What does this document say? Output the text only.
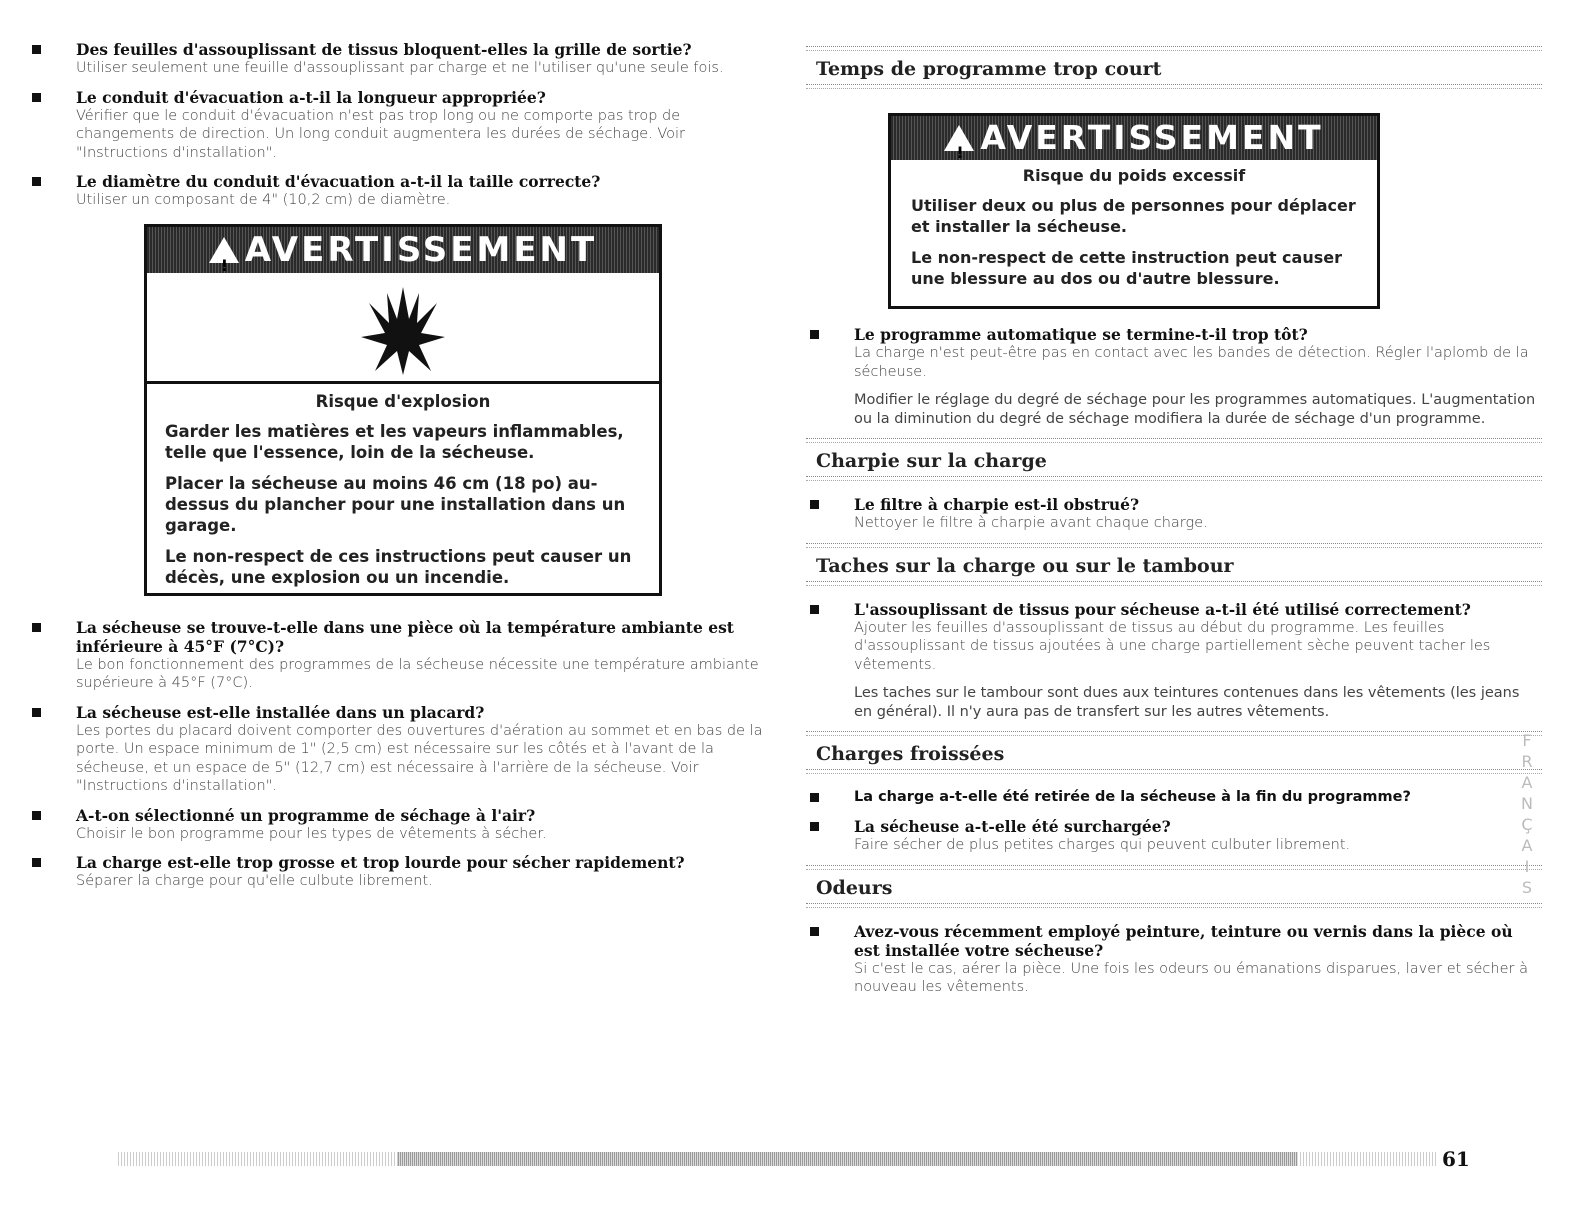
Des feuilles d'assouplissant de tissus bloquent-elles la grille de sortie?
Utiliser seulement une feuille d'assouplissant par charge et ne l'utiliser qu'une seule fois.
Le conduit d'évacuation a-t-il la longueur appropriée?
Vérifier que le conduit d'évacuation n'est pas trop long ou ne comporte pas trop de changements de direction. Un long conduit augmentera les durées de séchage. Voir "Instructions d'installation".
Le diamètre du conduit d'évacuation a-t-il la taille correcte?
Utiliser un composant de 4" (10,2 cm) de diamètre.
! AVERTISSEMENT
Risque d'explosion
Garder les matières et les vapeurs inflammables, telle que l'essence, loin de la sécheuse.
Placer la sécheuse au moins 46 cm (18 po) au-dessus du plancher pour une installation dans un garage.
Le non-respect de ces instructions peut causer un décès, une explosion ou un incendie.
La sécheuse se trouve-t-elle dans une pièce où la température ambiante est inférieure à 45°F (7°C)?
Le bon fonctionnement des programmes de la sécheuse nécessite une température ambiante supérieure à 45°F (7°C).
La sécheuse est-elle installée dans un placard?
Les portes du placard doivent comporter des ouvertures d'aération au sommet et en bas de la porte. Un espace minimum de 1" (2,5 cm) est nécessaire sur les côtés et à l'avant de la sécheuse, et un espace de 5" (12,7 cm) est nécessaire à l'arrière de la sécheuse. Voir "Instructions d'installation".
A-t-on sélectionné un programme de séchage à l'air?
Choisir le bon programme pour les types de vêtements à sécher.
La charge est-elle trop grosse et trop lourde pour sécher rapidement?
Séparer la charge pour qu'elle culbute librement.
Temps de programme trop court
! AVERTISSEMENT
Risque du poids excessif
Utiliser deux ou plus de personnes pour déplacer et installer la sécheuse.
Le non-respect de cette instruction peut causer une blessure au dos ou d'autre blessure.
Le programme automatique se termine-t-il trop tôt?
La charge n'est peut-être pas en contact avec les bandes de détection. Régler l'aplomb de la sécheuse.
Modifier le réglage du degré de séchage pour les programmes automatiques. L'augmentation ou la diminution du degré de séchage modifiera la durée de séchage d'un programme.
Charpie sur la charge
Le filtre à charpie est-il obstrué?
Nettoyer le filtre à charpie avant chaque charge.
Taches sur la charge ou sur le tambour
L'assouplissant de tissus pour sécheuse a-t-il été utilisé correctement?
Ajouter les feuilles d'assouplissant de tissus au début du programme. Les feuilles d'assouplissant de tissus ajoutées à une charge partiellement sèche peuvent tacher les vêtements.
Les taches sur le tambour sont dues aux teintures contenues dans les vêtements (les jeans en général). Il n'y aura pas de transfert sur les autres vêtements.
Charges froissées
La charge a-t-elle été retirée de la sécheuse à la fin du programme?
La sécheuse a-t-elle été surchargée?
Faire sécher de plus petites charges qui peuvent culbuter librement.
Odeurs
Avez-vous récemment employé peinture, teinture ou vernis dans la pièce où est installée votre sécheuse?
Si c'est le cas, aérer la pièce. Une fois les odeurs ou émanations disparues, laver et sécher à nouveau les vêtements.
F
R
A
N
Ç
A
I
S
61
